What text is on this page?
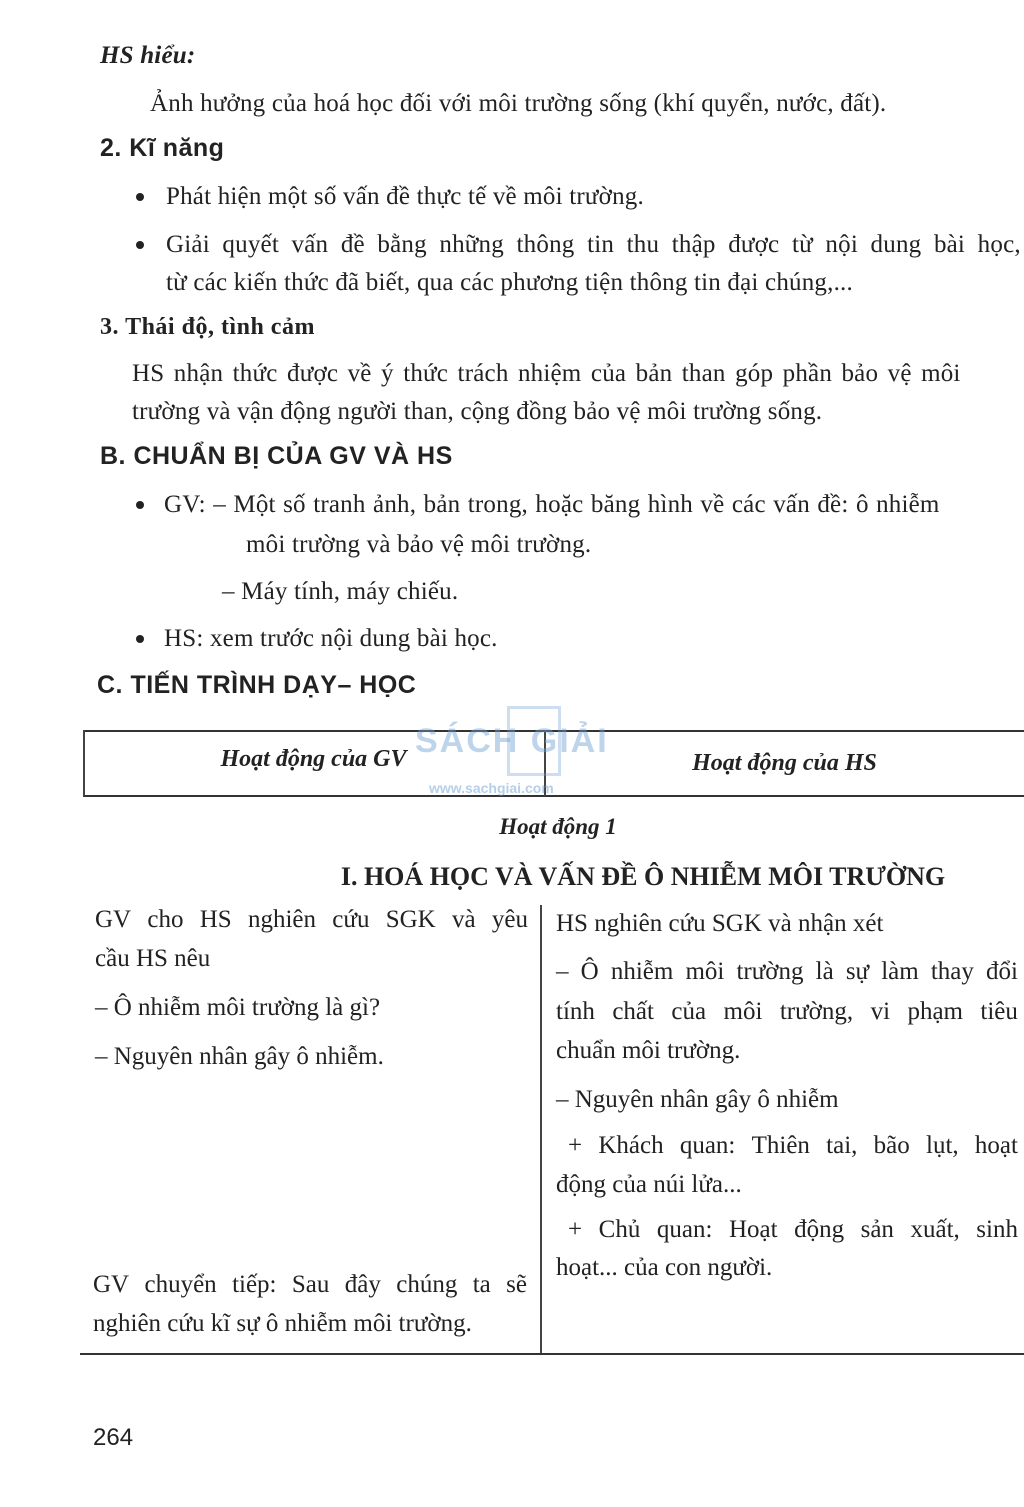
HS hiểu:
Ảnh hưởng của hoá học đối với môi trường sống (khí quyển, nước, đất).
2. Kĩ năng
Phát hiện một số vấn đề thực tế về môi trường.
Giải quyết vấn đề bằng những thông tin thu thập được từ nội dung bài học,
từ các kiến thức đã biết, qua các phương tiện thông tin đại chúng,...
3. Thái độ, tình cảm
HS nhận thức được về ý thức trách nhiệm của bản than góp phần bảo vệ môi
trường và vận động người than, cộng đồng bảo vệ môi trường sống.
B. CHUẨN BỊ CỦA GV VÀ HS
GV: – Một số tranh ảnh, bản trong, hoặc băng hình về các vấn đề: ô nhiễm
môi trường và bảo vệ môi trường.
– Máy tính, máy chiếu.
HS: xem trước nội dung bài học.
C. TIẾN TRÌNH DẠY– HỌC
Hoạt động của GV	Hoạt động của HS
Hoạt động 1
I. HOÁ HỌC VÀ VẤN ĐỀ Ô NHIỄM MÔI TRƯỜNG
GV cho HS nghiên cứu SGK và yêu
cầu HS nêu
– Ô nhiễm môi trường là gì?
– Nguyên nhân gây ô nhiễm.
GV chuyển tiếp: Sau đây chúng ta sẽ
nghiên cứu kĩ sự ô nhiễm môi trường.
HS nghiên cứu SGK và nhận xét
– Ô nhiễm môi trường là sự làm thay đổi
tính chất của môi trường, vi phạm tiêu
chuẩn môi trường.
– Nguyên nhân gây ô nhiễm
+ Khách quan: Thiên tai, bão lụt, hoạt
động của núi lửa...
+ Chủ quan: Hoạt động sản xuất, sinh
hoạt... của con người.
SÁCH GIẢI
www.sachgiai.com
264
